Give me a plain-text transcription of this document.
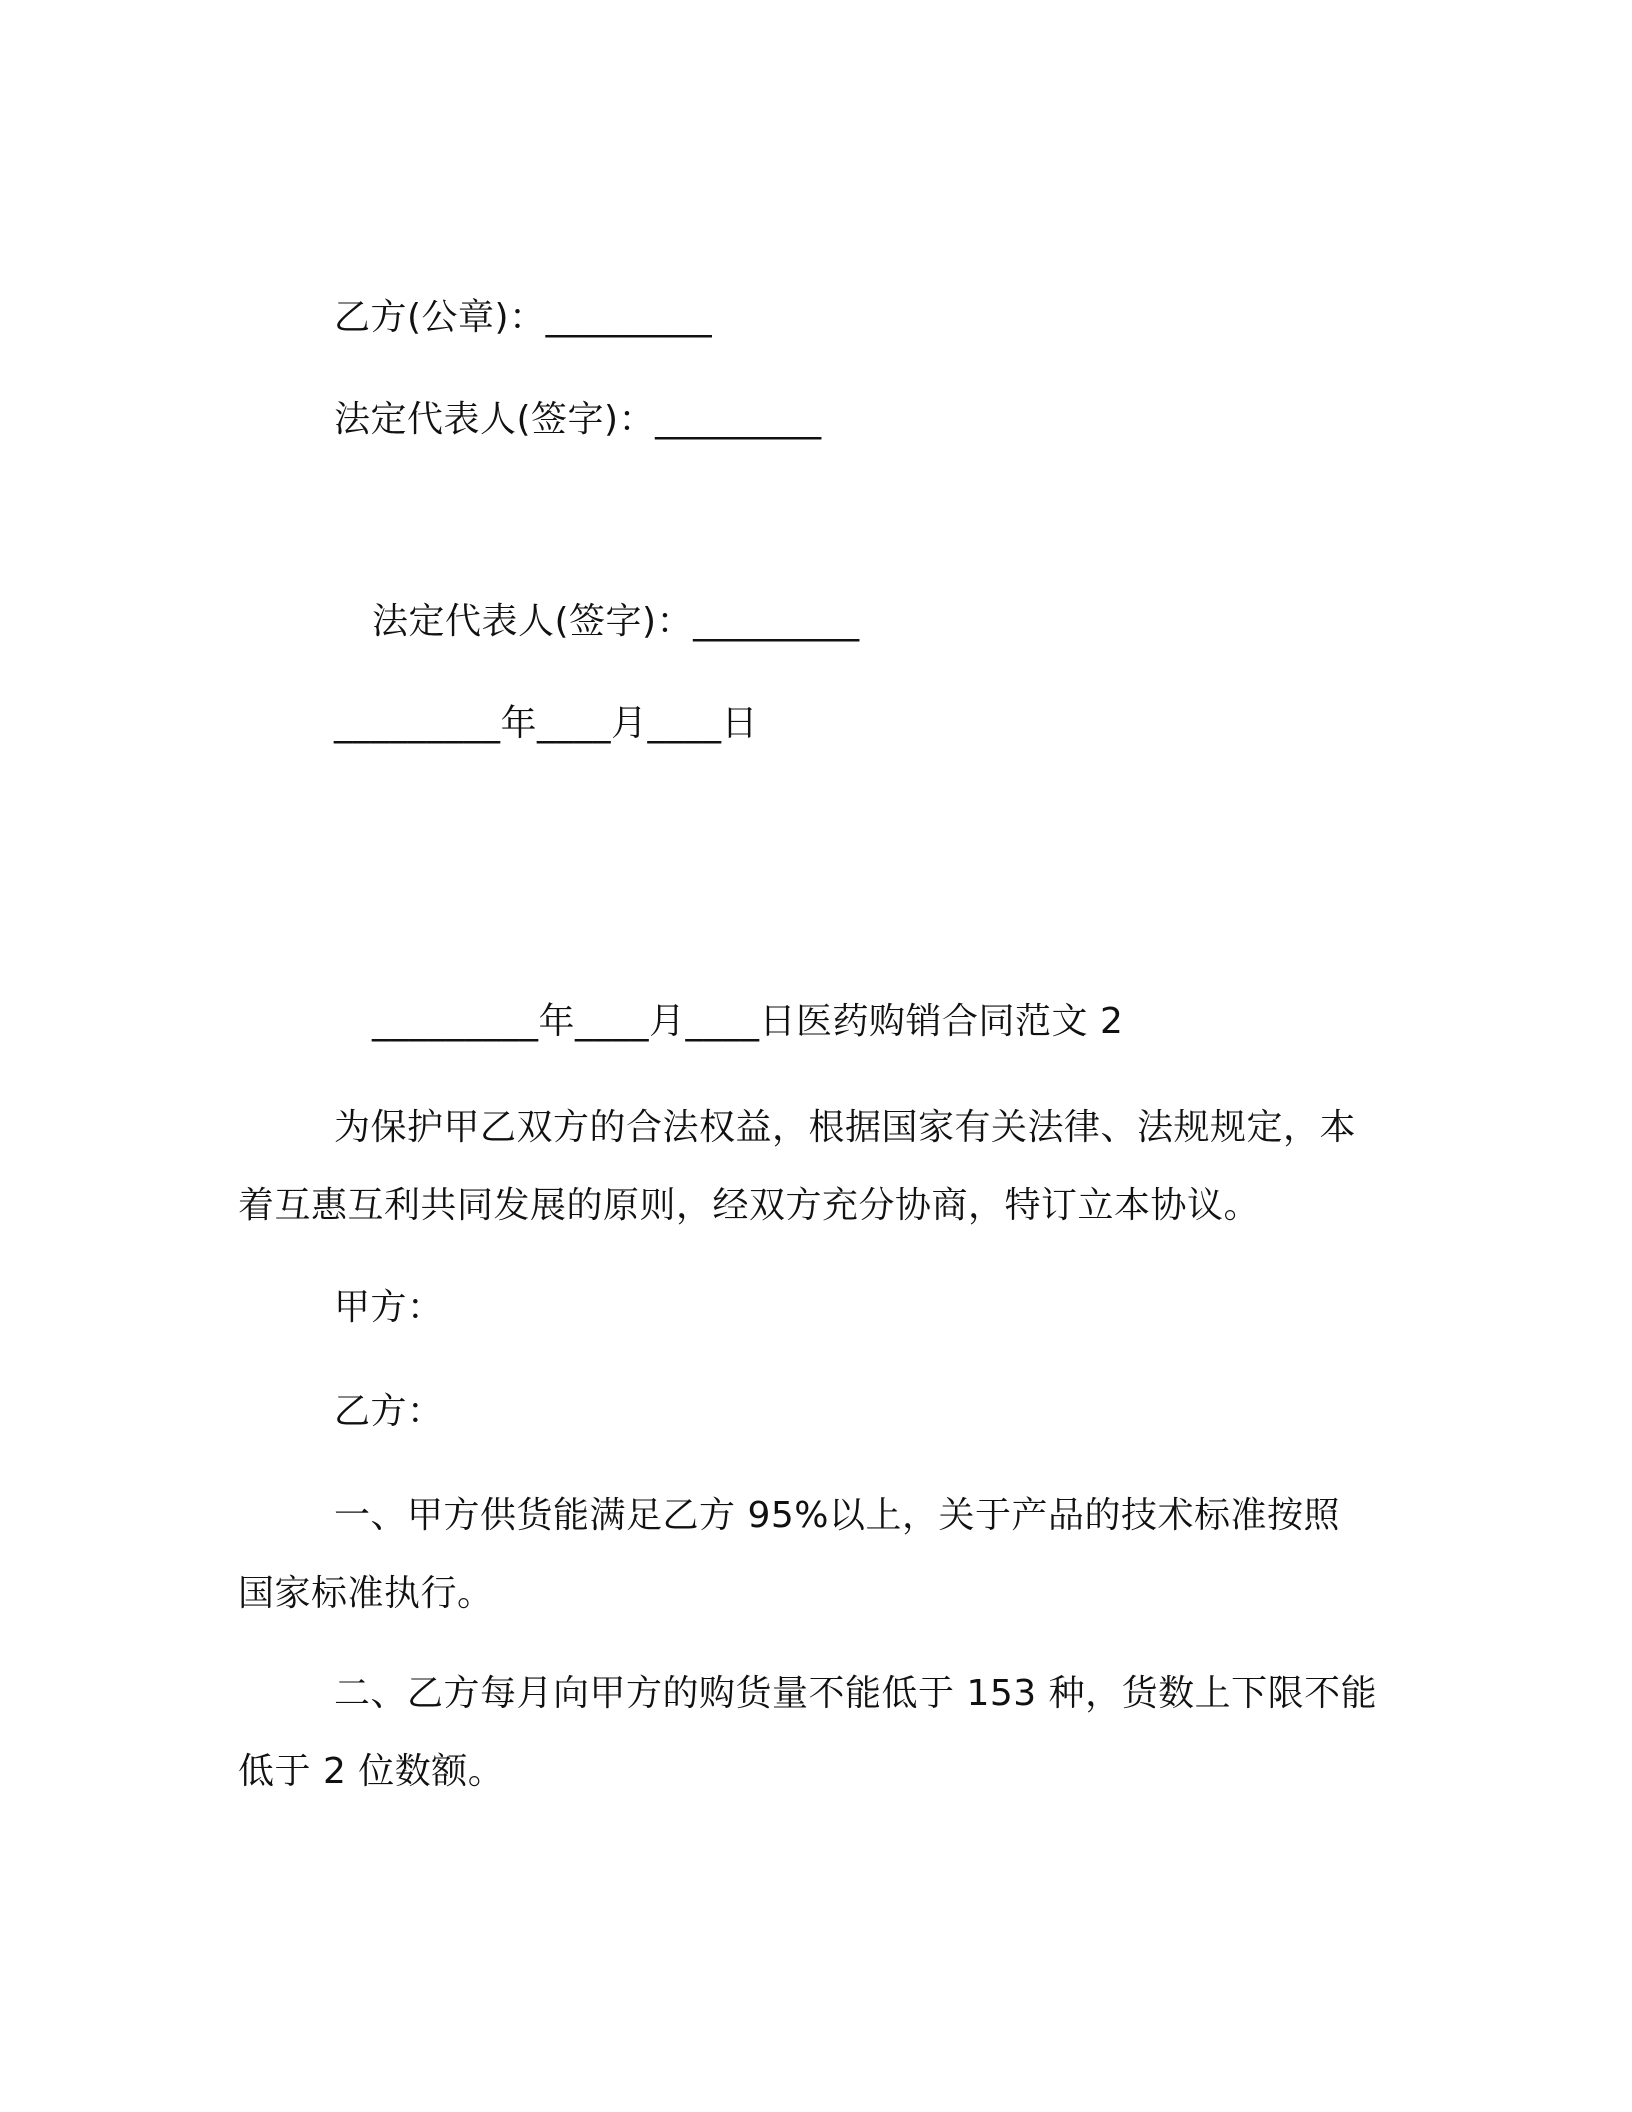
乙方(公章)：_________
法定代表人(签字)：_________
法定代表人(签字)：_________
_________年____月____日
_________年____月____日医药购销合同范文 2
为保护甲乙双方的合法权益，根据国家有关法律、法规规定，本
着互惠互利共同发展的原则，经双方充分协商，特订立本协议。
甲方：
乙方：
一、甲方供货能满足乙方 95%以上，关于产品的技术标准按照
国家标准执行。
二、乙方每月向甲方的购货量不能低于 153 种，货数上下限不能
低于 2 位数额。
